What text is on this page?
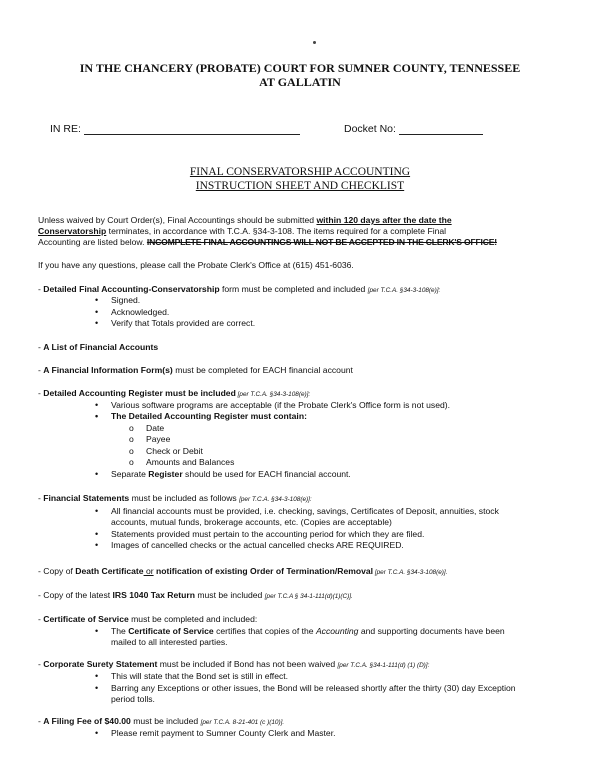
IN THE CHANCERY (PROBATE) COURT FOR SUMNER COUNTY, TENNESSEE
AT GALLATIN
IN RE:	Docket No:
FINAL CONSERVATORSHIP ACCOUNTING
INSTRUCTION SHEET AND CHECKLIST
Unless waived by Court Order(s), Final Accountings should be submitted within 120 days after the date the
Conservatorship terminates, in accordance with T.C.A. §34-3-108. The items required for a complete Final
Accounting are listed below. INCOMPLETE FINAL ACCOUNTINGS WILL NOT BE ACCEPTED IN THE CLERK'S OFFICE!
If you have any questions, please call the Probate Clerk's Office at (615) 451-6036.
- Detailed Final Accounting-Conservatorship form must be completed and included [per T.C.A. §34-3-108(e)]:
• Signed.
• Acknowledged.
• Verify that Totals provided are correct.
- A List of Financial Accounts
- A Financial Information Form(s) must be completed for EACH financial account
- Detailed Accounting Register must be included [per T.C.A. §34-3-108(e)]:
• Various software programs are acceptable (if the Probate Clerk's Office form is not used).
• The Detailed Accounting Register must contain:
o Date
o Payee
o Check or Debit
o Amounts and Balances
• Separate Register should be used for EACH financial account.
- Financial Statements must be included as follows [per T.C.A. §34-3-108(e)]:
• All financial accounts must be provided, i.e. checking, savings, Certificates of Deposit, annuities, stock
accounts, mutual funds, brokerage accounts, etc. (Copies are acceptable)
• Statements provided must pertain to the accounting period for which they are filed.
• Images of cancelled checks or the actual cancelled checks ARE REQUIRED.
- Copy of Death Certificate or notification of existing Order of Termination/Removal [per T.C.A. §34-3-108(e)].
- Copy of the latest IRS 1040 Tax Return must be included [per T.C.A § 34-1-111(d)(1)(C)].
- Certificate of Service must be completed and included:
• The Certificate of Service certifies that copies of the Accounting and supporting documents have been
mailed to all interested parties.
- Corporate Surety Statement must be included if Bond has not been waived [per T.C.A. §34-1-111(d) (1) (D)]:
• This will state that the Bond set is still in effect.
• Barring any Exceptions or other issues, the Bond will be released shortly after the thirty (30) day Exception
period tolls.
- A Filing Fee of $40.00 must be included [per T.C.A. 8-21-401 (c )(10)].
• Please remit payment to Sumner County Clerk and Master.
